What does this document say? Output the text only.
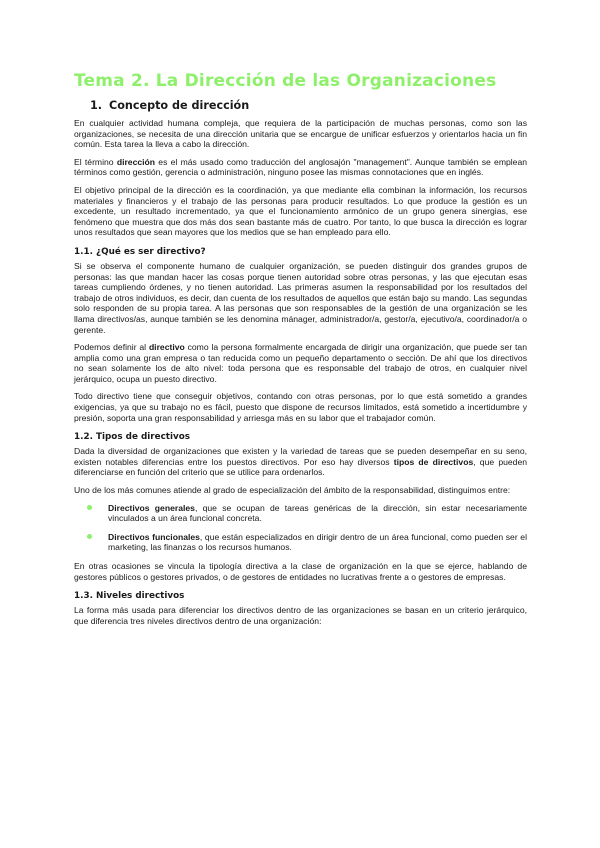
Tema 2. La Dirección de las Organizaciones
1. Concepto de dirección

En cualquier actividad humana compleja, que requiera de la participación de muchas personas, como son las organizaciones, se necesita de una dirección unitaria que se encargue de unificar esfuerzos y orientarlos hacia un fin común. Esta tarea la lleva a cabo la dirección.

El término dirección es el más usado como traducción del anglosajón "management". Aunque también se emplean términos como gestión, gerencia o administración, ninguno posee las mismas connotaciones que en inglés.

El objetivo principal de la dirección es la coordinación, ya que mediante ella combinan la información, los recursos materiales y financieros y el trabajo de las personas para producir resultados. Lo que produce la gestión es un excedente, un resultado incrementado, ya que el funcionamiento armónico de un grupo genera sinergias, ese fenómeno que muestra que dos más dos sean bastante más de cuatro. Por tanto, lo que busca la dirección es lograr unos resultados que sean mayores que los medios que se han empleado para ello.

1.1. ¿Qué es ser directivo?

Si se observa el componente humano de cualquier organización, se pueden distinguir dos grandes grupos de personas: las que mandan hacer las cosas porque tienen autoridad sobre otras personas, y las que ejecutan esas tareas cumpliendo órdenes, y no tienen autoridad. Las primeras asumen la responsabilidad por los resultados del trabajo de otros individuos, es decir, dan cuenta de los resultados de aquellos que están bajo su mando. Las segundas solo responden de su propia tarea. A las personas que son responsables de la gestión de una organización se les llama directivos/as, aunque también se les denomina mánager, administrador/a, gestor/a, ejecutivo/a, coordinador/a o gerente.

Podemos definir al directivo como la persona formalmente encargada de dirigir una organización, que puede ser tan amplia como una gran empresa o tan reducida como un pequeño departamento o sección. De ahí que los directivos no sean solamente los de alto nivel: toda persona que es responsable del trabajo de otros, en cualquier nivel jerárquico, ocupa un puesto directivo.

Todo directivo tiene que conseguir objetivos, contando con otras personas, por lo que está sometido a grandes exigencias, ya que su trabajo no es fácil, puesto que dispone de recursos limitados, está sometido a incertidumbre y presión, soporta una gran responsabilidad y arriesga más en su labor que el trabajador común.

1.2. Tipos de directivos

Dada la diversidad de organizaciones que existen y la variedad de tareas que se pueden desempeñar en su seno, existen notables diferencias entre los puestos directivos. Por eso hay diversos tipos de directivos, que pueden diferenciarse en función del criterio que se utilice para ordenarlos.

Uno de los más comunes atiende al grado de especialización del ámbito de la responsabilidad, distinguimos entre:

Directivos generales, que se ocupan de tareas genéricas de la dirección, sin estar necesariamente vinculados a un área funcional concreta.

Directivos funcionales, que están especializados en dirigir dentro de un área funcional, como pueden ser el marketing, las finanzas o los recursos humanos.

En otras ocasiones se vincula la tipología directiva a la clase de organización en la que se ejerce, hablando de gestores públicos o gestores privados, o de gestores de entidades no lucrativas frente a o gestores de empresas.

1.3. Niveles directivos

La forma más usada para diferenciar los directivos dentro de las organizaciones se basan en un criterio jerárquico, que diferencia tres niveles directivos dentro de una organización:
